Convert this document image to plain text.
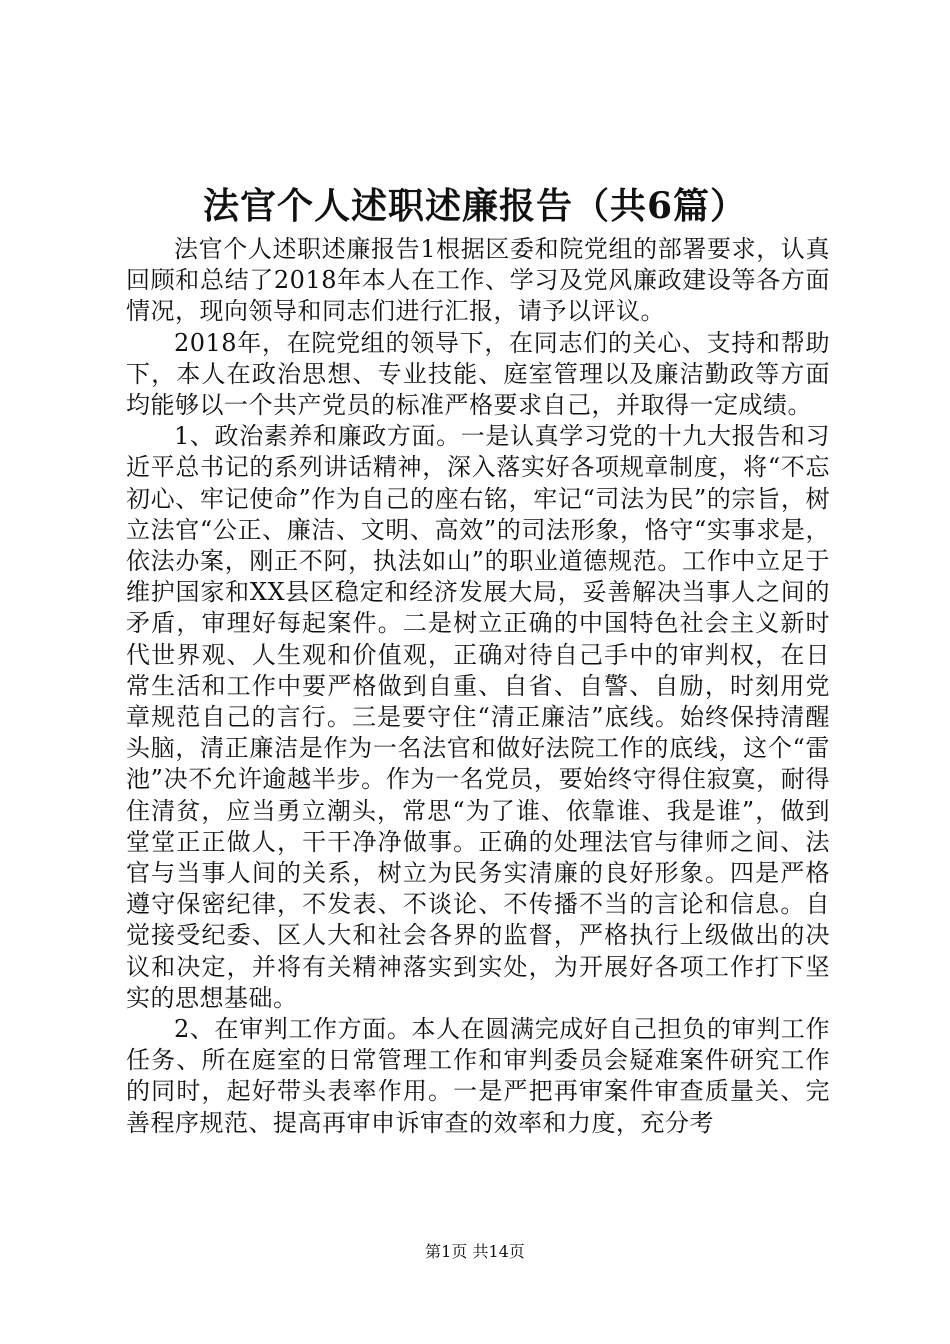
法官个人述职述廉报告（共6篇）

法官个人述职述廉报告1根据区委和院党组的部署要求，认真回顾和总结了2018年本人在工作、学习及党风廉政建设等各方面情况，现向领导和同志们进行汇报，请予以评议。

2018年，在院党组的领导下，在同志们的关心、支持和帮助下，本人在政治思想、专业技能、庭室管理以及廉洁勤政等方面均能够以一个共产党员的标准严格要求自己，并取得一定成绩。

1、政治素养和廉政方面。一是认真学习党的十九大报告和习近平总书记的系列讲话精神，深入落实好各项规章制度，将“不忘初心、牢记使命”作为自己的座右铭，牢记“司法为民”的宗旨，树立法官“公正、廉洁、文明、高效”的司法形象，恪守“实事求是，依法办案，刚正不阿，执法如山”的职业道德规范。工作中立足于维护国家和XX县区稳定和经济发展大局，妥善解决当事人之间的矛盾，审理好每起案件。二是树立正确的中国特色社会主义新时代世界观、人生观和价值观，正确对待自己手中的审判权，在日常生活和工作中要严格做到自重、自省、自警、自励，时刻用党章规范自己的言行。三是要守住“清正廉洁”底线。始终保持清醒头脑，清正廉洁是作为一名法官和做好法院工作的底线，这个“雷池”决不允许逾越半步。作为一名党员，要始终守得住寂寞，耐得住清贫，应当勇立潮头，常思“为了谁、依靠谁、我是谁”，做到堂堂正正做人，干干净净做事。正确的处理法官与律师之间、法官与当事人间的关系，树立为民务实清廉的良好形象。四是严格遵守保密纪律，不发表、不谈论、不传播不当的言论和信息。自觉接受纪委、区人大和社会各界的监督，严格执行上级做出的决议和决定，并将有关精神落实到实处，为开展好各项工作打下坚实的思想基础。

2、在审判工作方面。本人在圆满完成好自己担负的审判工作任务、所在庭室的日常管理工作和审判委员会疑难案件研究工作的同时，起好带头表率作用。一是严把再审案件审查质量关、完善程序规范、提高再审申诉审查的效率和力度，充分考

第1页 共14页
